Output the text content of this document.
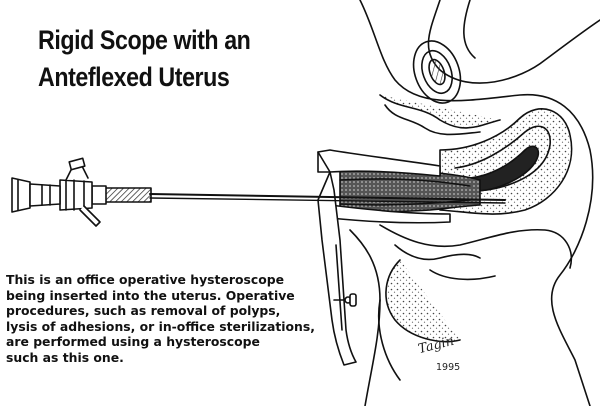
Rigid Scope with an
Anteflexed Uterus

This is an office operative hysteroscope
being inserted into the uterus. Operative
procedures, such as removal of polyps,
lysis of adhesions, or in-office sterilizations,
are performed using a hysteroscope
such as this one.

Tagin

1995
